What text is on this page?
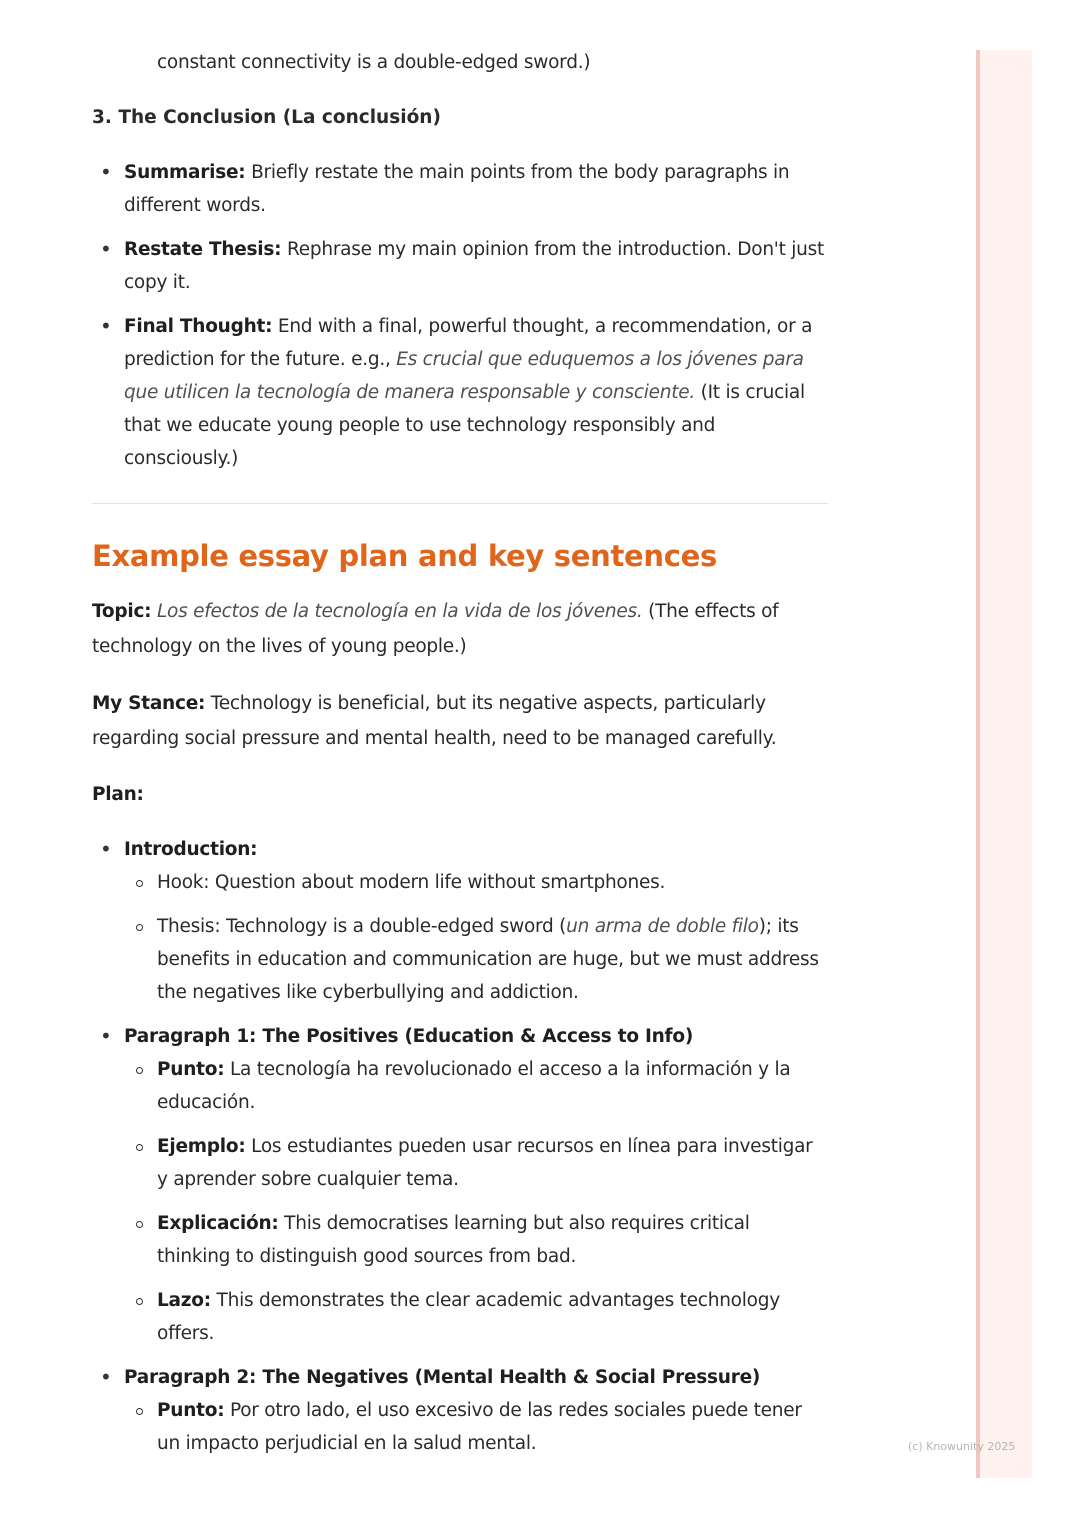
constant connectivity is a double-edged sword.)

3. The Conclusion (La conclusión)
• Summarise: Briefly restate the main points from the body paragraphs in different words.
• Restate Thesis: Rephrase my main opinion from the introduction. Don't just copy it.
• Final Thought: End with a final, powerful thought, a recommendation, or a prediction for the future. e.g., Es crucial que eduquemos a los jóvenes para que utilicen la tecnología de manera responsable y consciente. (It is crucial that we educate young people to use technology responsibly and consciously.)
Example essay plan and key sentences

Topic: Los efectos de la tecnología en la vida de los jóvenes. (The effects of technology on the lives of young people.)

My Stance: Technology is beneficial, but its negative aspects, particularly regarding social pressure and mental health, need to be managed carefully.

Plan:

• Introduction:
Hook: Question about modern life without smartphones.
Thesis: Technology is a double-edged sword (un arma de doble filo); its benefits in education and communication are huge, but we must address the negatives like cyberbullying and addiction.
• Paragraph 1: The Positives (Education & Access to Info)
Punto: La tecnología ha revolucionado el acceso a la información y la educación.
Ejemplo: Los estudiantes pueden usar recursos en línea para investigar y aprender sobre cualquier tema.
Explicación: This democratises learning but also requires critical thinking to distinguish good sources from bad.
Lazo: This demonstrates the clear academic advantages technology offers.
• Paragraph 2: The Negatives (Mental Health & Social Pressure)
Punto: Por otro lado, el uso excesivo de las redes sociales puede tener un impacto perjudicial en la salud mental.	(c) Knowunity 2025
